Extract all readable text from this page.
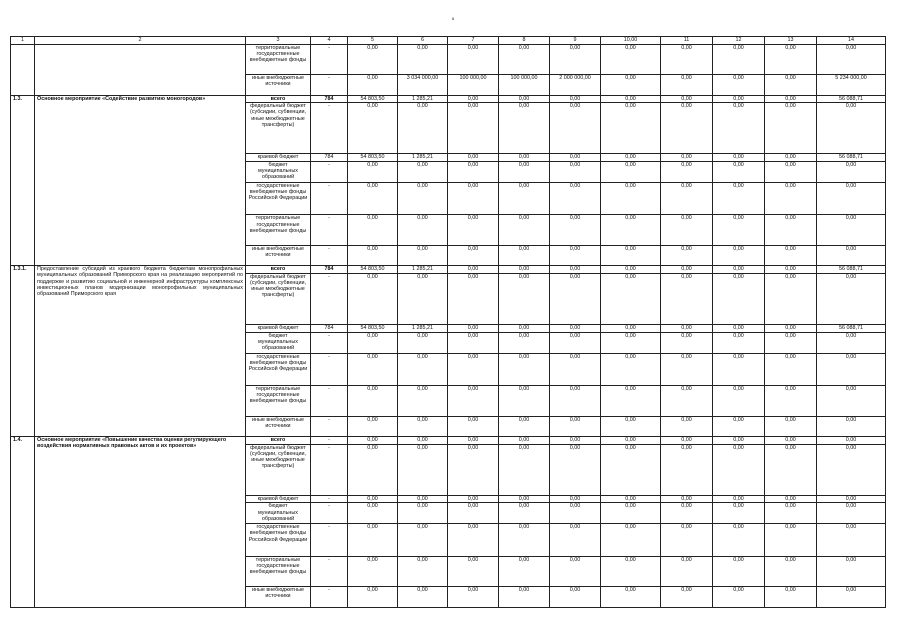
6
1	2	3	4	5	6	7	8	9	10,00	11	12	13	14
		территориальные государственные внебюджетные фонды	-	0,00	0,00	0,00	0,00	0,00	0,00	0,00	0,00	0,00	0,00
		иные внебюджетные источники	-	0,00	3 034 000,00	100 000,00	100 000,00	2 000 000,00	0,00	0,00	0,00	0,00	5 234 000,00
1.3.	Основное мероприятие «Содействие развитию моногородов»	всего	784	54 803,50	1 285,21	0,00	0,00	0,00	0,00	0,00	0,00	0,00	56 088,71
		федеральный бюджет (субсидии, субвенции, иные межбюджетные трансферты)	-	0,00	0,00	0,00	0,00	0,00	0,00	0,00	0,00	0,00	0,00
		краевой бюджет	784	54 803,50	1 285,21	0,00	0,00	0,00	0,00	0,00	0,00	0,00	56 088,71
		бюджет муниципальных образований	-	0,00	0,00	0,00	0,00	0,00	0,00	0,00	0,00	0,00	0,00
		государственные внебюджетные фонды Российской Федерации	-	0,00	0,00	0,00	0,00	0,00	0,00	0,00	0,00	0,00	0,00
		территориальные государственные внебюджетные фонды	-	0,00	0,00	0,00	0,00	0,00	0,00	0,00	0,00	0,00	0,00
		иные внебюджетные источники	-	0,00	0,00	0,00	0,00	0,00	0,00	0,00	0,00	0,00	0,00
1.3.1.	Предоставление субсидий из краевого бюджета бюджетам монопрофильных муниципальных образований Приморского края на реализацию мероприятий по поддержке и развитию социальной и инженерной инфраструктуры комплексных инвестиционных планов модернизации монопрофильных муниципальных образований Приморского края	всего	784	54 803,50	1 285,21	0,00	0,00	0,00	0,00	0,00	0,00	0,00	56 088,71
		федеральный бюджет (субсидии, субвенции, иные межбюджетные трансферты)	-	0,00	0,00	0,00	0,00	0,00	0,00	0,00	0,00	0,00	0,00
		краевой бюджет	784	54 803,50	1 285,21	0,00	0,00	0,00	0,00	0,00	0,00	0,00	56 088,71
		бюджет муниципальных образований	-	0,00	0,00	0,00	0,00	0,00	0,00	0,00	0,00	0,00	0,00
		государственные внебюджетные фонды Российской Федерации	-	0,00	0,00	0,00	0,00	0,00	0,00	0,00	0,00	0,00	0,00
		территориальные государственные внебюджетные фонды	-	0,00	0,00	0,00	0,00	0,00	0,00	0,00	0,00	0,00	0,00
		иные внебюджетные источники	-	0,00	0,00	0,00	0,00	0,00	0,00	0,00	0,00	0,00	0,00
1.4.	Основное мероприятие «Повышение качества оценки регулирующего воздействия нормативных правовых актов и их проектов»	всего	-	0,00	0,00	0,00	0,00	0,00	0,00	0,00	0,00	0,00	0,00
		федеральный бюджет (субсидии, субвенции, иные межбюджетные трансферты)	-	0,00	0,00	0,00	0,00	0,00	0,00	0,00	0,00	0,00	0,00
		краевой бюджет	-	0,00	0,00	0,00	0,00	0,00	0,00	0,00	0,00	0,00	0,00
		бюджет муниципальных образований	-	0,00	0,00	0,00	0,00	0,00	0,00	0,00	0,00	0,00	0,00
		государственные внебюджетные фонды Российской Федерации	-	0,00	0,00	0,00	0,00	0,00	0,00	0,00	0,00	0,00	0,00
		территориальные государственные внебюджетные фонды	-	0,00	0,00	0,00	0,00	0,00	0,00	0,00	0,00	0,00	0,00
		иные внебюджетные источники	-	0,00	0,00	0,00	0,00	0,00	0,00	0,00	0,00	0,00	0,00
